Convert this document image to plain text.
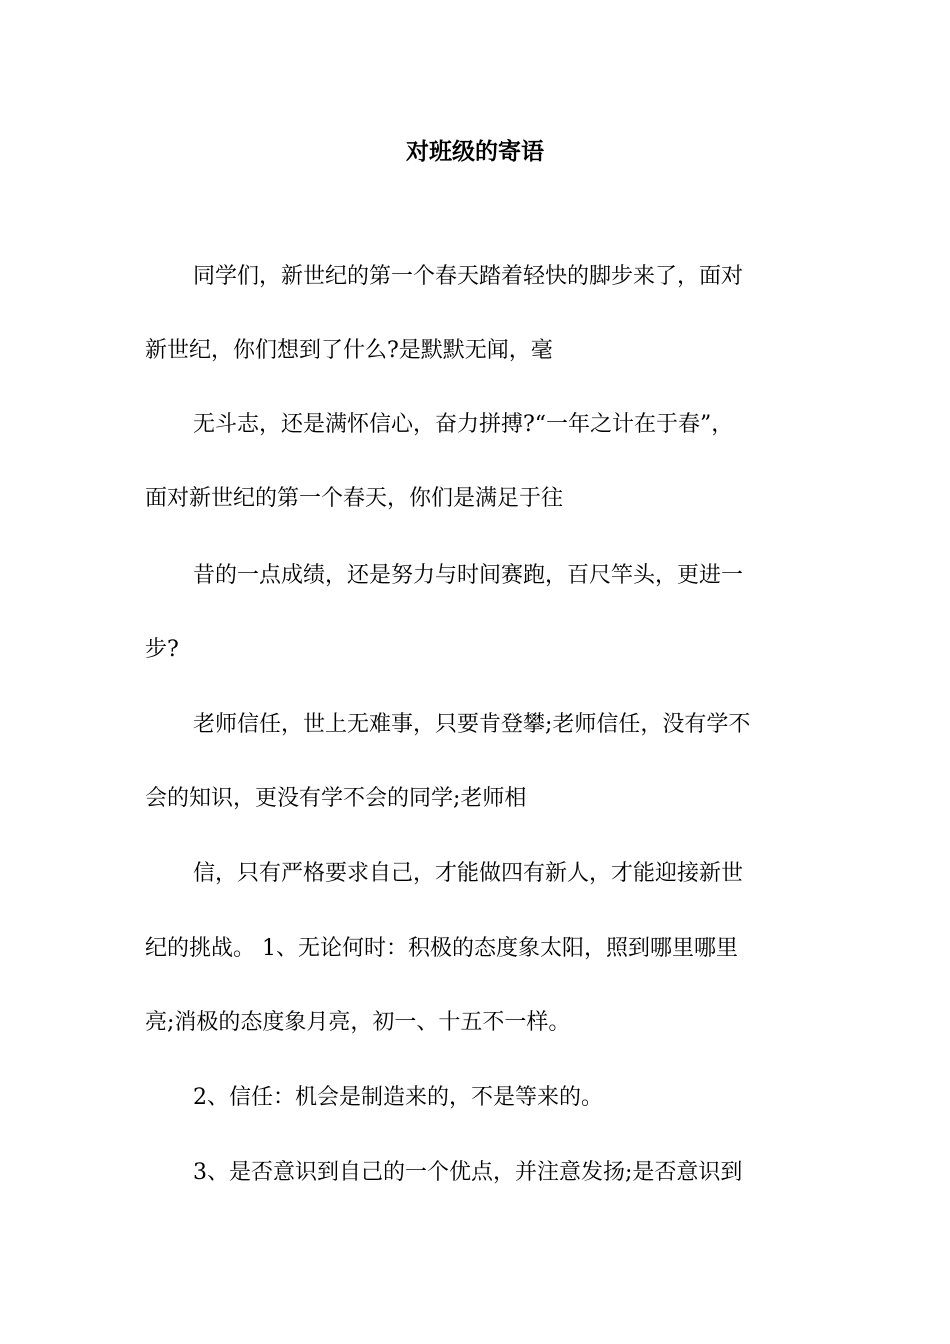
对班级的寄语
同学们，新世纪的第一个春天踏着轻快的脚步来了，面对
新世纪，你们想到了什么?是默默无闻，毫
无斗志，还是满怀信心，奋力拼搏?“一年之计在于春”，
面对新世纪的第一个春天，你们是满足于往
昔的一点成绩，还是努力与时间赛跑，百尺竿头，更进一
步?
老师信任，世上无难事，只要肯登攀;老师信任，没有学不
会的知识，更没有学不会的同学;老师相
信，只有严格要求自己，才能做四有新人，才能迎接新世
纪的挑战。 1、无论何时：积极的态度象太阳，照到哪里哪里
亮;消极的态度象月亮，初一、十五不一样。
2、信任：机会是制造来的，不是等来的。
3、是否意识到自己的一个优点，并注意发扬;是否意识到
